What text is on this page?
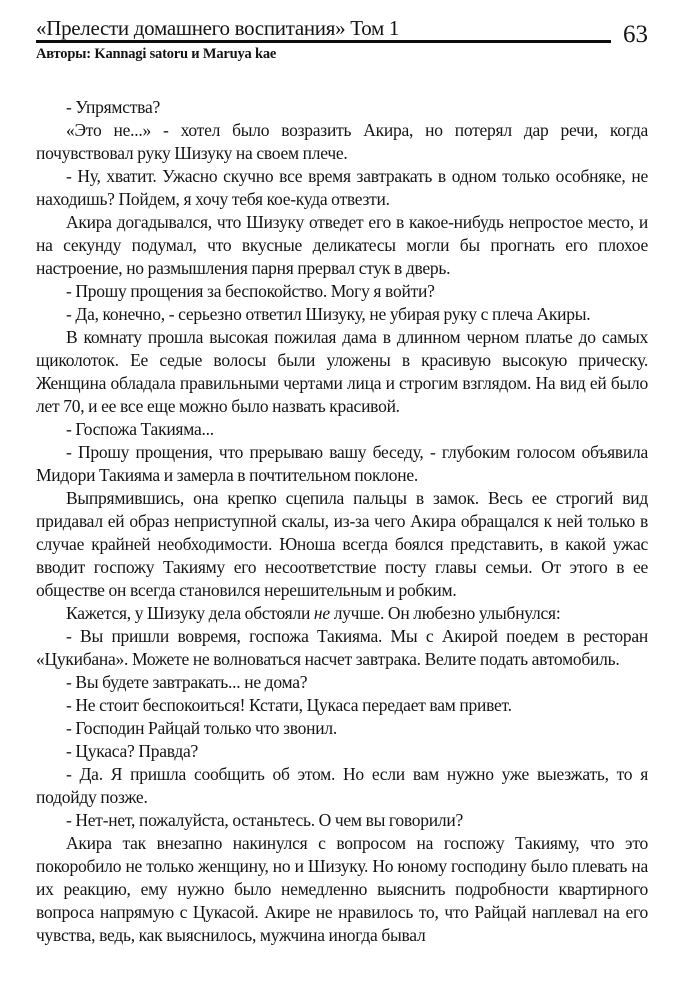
«Прелести домашнего воспитания» Том 1	63
Авторы: Kannagi satoru и Maruya kae

- Упрямства?

«Это не...» - хотел было возразить Акира, но потерял дар речи, когда почувствовал руку Шизуку на своем плече.

- Ну, хватит. Ужасно скучно все время завтракать в одном только особняке, не находишь? Пойдем, я хочу тебя кое-куда отвезти.

Акира догадывался, что Шизуку отведет его в какое-нибудь непростое место, и на секунду подумал, что вкусные деликатесы могли бы прогнать его плохое настроение, но размышления парня прервал стук в дверь.

- Прошу прощения за беспокойство. Могу я войти?

- Да, конечно, - серьезно ответил Шизуку, не убирая руку с плеча Акиры.

В комнату прошла высокая пожилая дама в длинном черном платье до самых щиколоток. Ее седые волосы были уложены в красивую высокую прическу. Женщина обладала правильными чертами лица и строгим взглядом. На вид ей было лет 70, и ее все еще можно было назвать красивой.

- Госпожа Такияма...

- Прошу прощения, что прерываю вашу беседу, - глубоким голосом объявила Мидори Такияма и замерла в почтительном поклоне.

Выпрямившись, она крепко сцепила пальцы в замок. Весь ее строгий вид придавал ей образ неприступной скалы, из-за чего Акира обращался к ней только в случае крайней необходимости. Юноша всегда боялся представить, в какой ужас вводит госпожу Такияму его несоответствие посту главы семьи. От этого в ее обществе он всегда становился нерешительным и робким.

Кажется, у Шизуку дела обстояли не лучше. Он любезно улыбнулся:

- Вы пришли вовремя, госпожа Такияма. Мы с Акирой поедем в ресторан «Цукибана». Можете не волноваться насчет завтрака. Велите подать автомобиль.

- Вы будете завтракать... не дома?

- Не стоит беспокоиться! Кстати, Цукаса передает вам привет.

- Господин Райцай только что звонил.

- Цукаса? Правда?

- Да. Я пришла сообщить об этом. Но если вам нужно уже выезжать, то я подойду позже.

- Нет-нет, пожалуйста, останьтесь. О чем вы говорили?

Акира так внезапно накинулся с вопросом на госпожу Такияму, что это покоробило не только женщину, но и Шизуку. Но юному господину было плевать на их реакцию, ему нужно было немедленно выяснить подробности квартирного вопроса напрямую с Цукасой. Акире не нравилось то, что Райцай наплевал на его чувства, ведь, как выяснилось, мужчина иногда бывал
